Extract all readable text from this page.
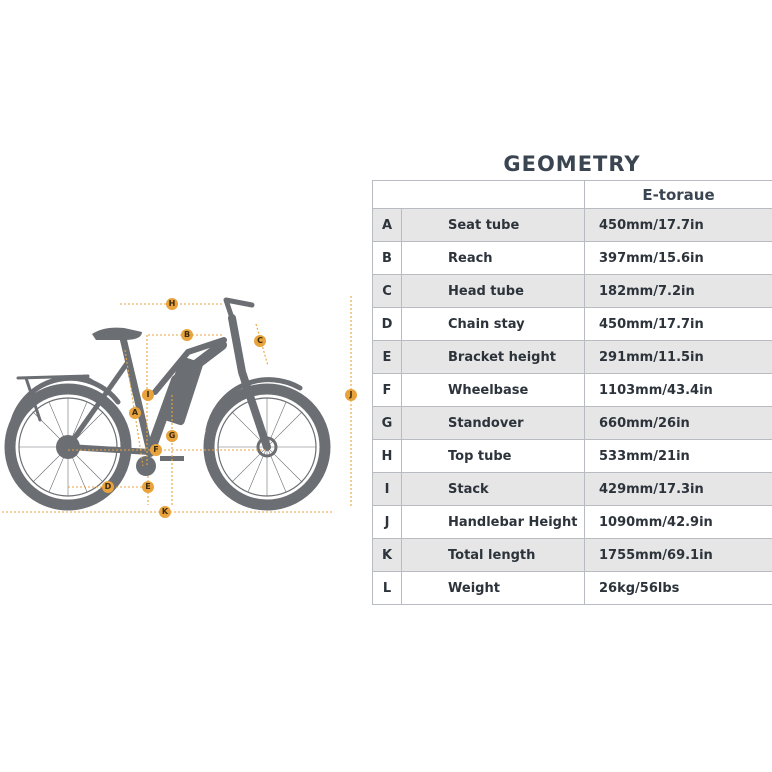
H
B
C
I	J
A
G
F
D	E
K
GEOMETRY
		E-toraue
A	Seat tube	450mm/17.7in
B	Reach	397mm/15.6in
C	Head tube	182mm/7.2in
D	Chain stay	450mm/17.7in
E	Bracket height	291mm/11.5in
F	Wheelbase	1103mm/43.4in
G	Standover	660mm/26in
H	Top tube	533mm/21in
I	Stack	429mm/17.3in
J	Handlebar Height	1090mm/42.9in
K	Total length	1755mm/69.1in
L	Weight	26kg/56lbs
